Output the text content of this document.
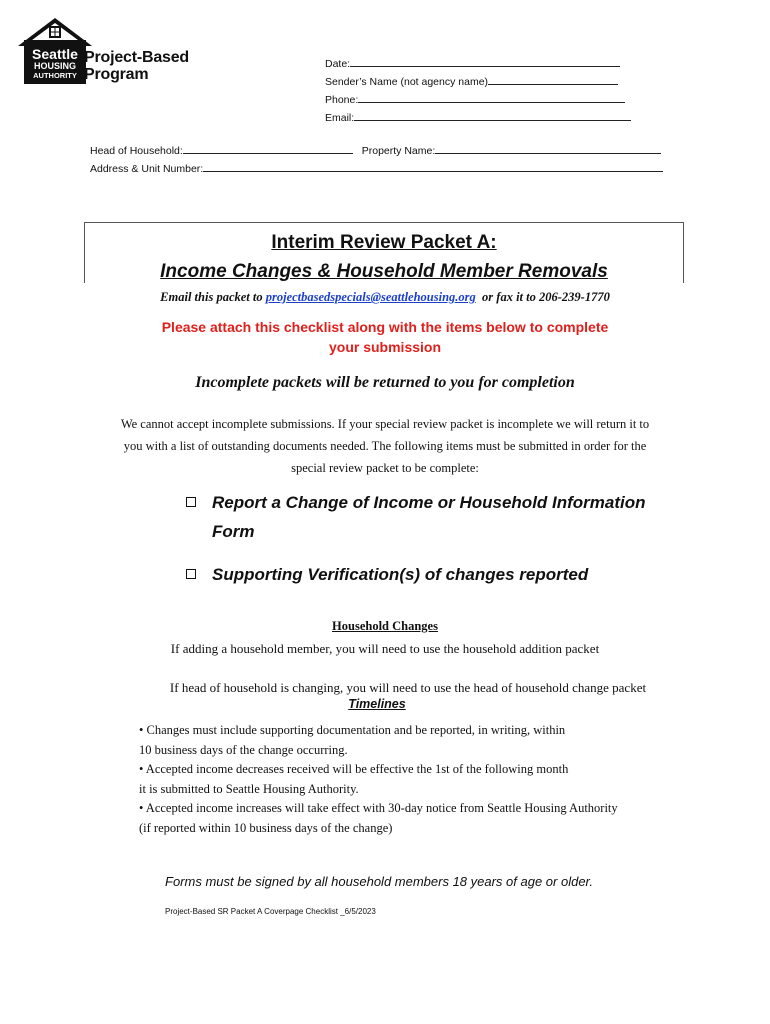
Seattle
HOUSING
AUTHORITY
Project-Based
Program
Date:
Sender’s Name (not agency name)
Phone:
Email:
Head of Household:	Property Name:
Address & Unit Number:
Interim Review Packet A:
Income Changes & Household Member Removals
Email this packet to projectbasedspecials@seattlehousing.org  or fax it to 206-239-1770
Please attach this checklist along with the items below to complete
your submission
Incomplete packets will be returned to you for completion
We cannot accept incomplete submissions. If your special review packet is incomplete we will return it to
you with a list of outstanding documents needed. The following items must be submitted in order for the
special review packet to be complete:
Report a Change of Income or Household Information
Form
Supporting Verification(s) of changes reported
Household Changes
If adding a household member, you will need to use the household addition packet
If head of household is changing, you will need to use the head of household change packet
Timelines
• Changes must include supporting documentation and be reported, in writing, within
10 business days of the change occurring.
• Accepted income decreases received will be effective the 1st of the following month
it is submitted to Seattle Housing Authority.
• Accepted income increases will take effect with 30-day notice from Seattle Housing Authority
(if reported within 10 business days of the change)
Forms must be signed by all household members 18 years of age or older.
Project-Based SR Packet A Coverpage Checklist _6/5/2023
